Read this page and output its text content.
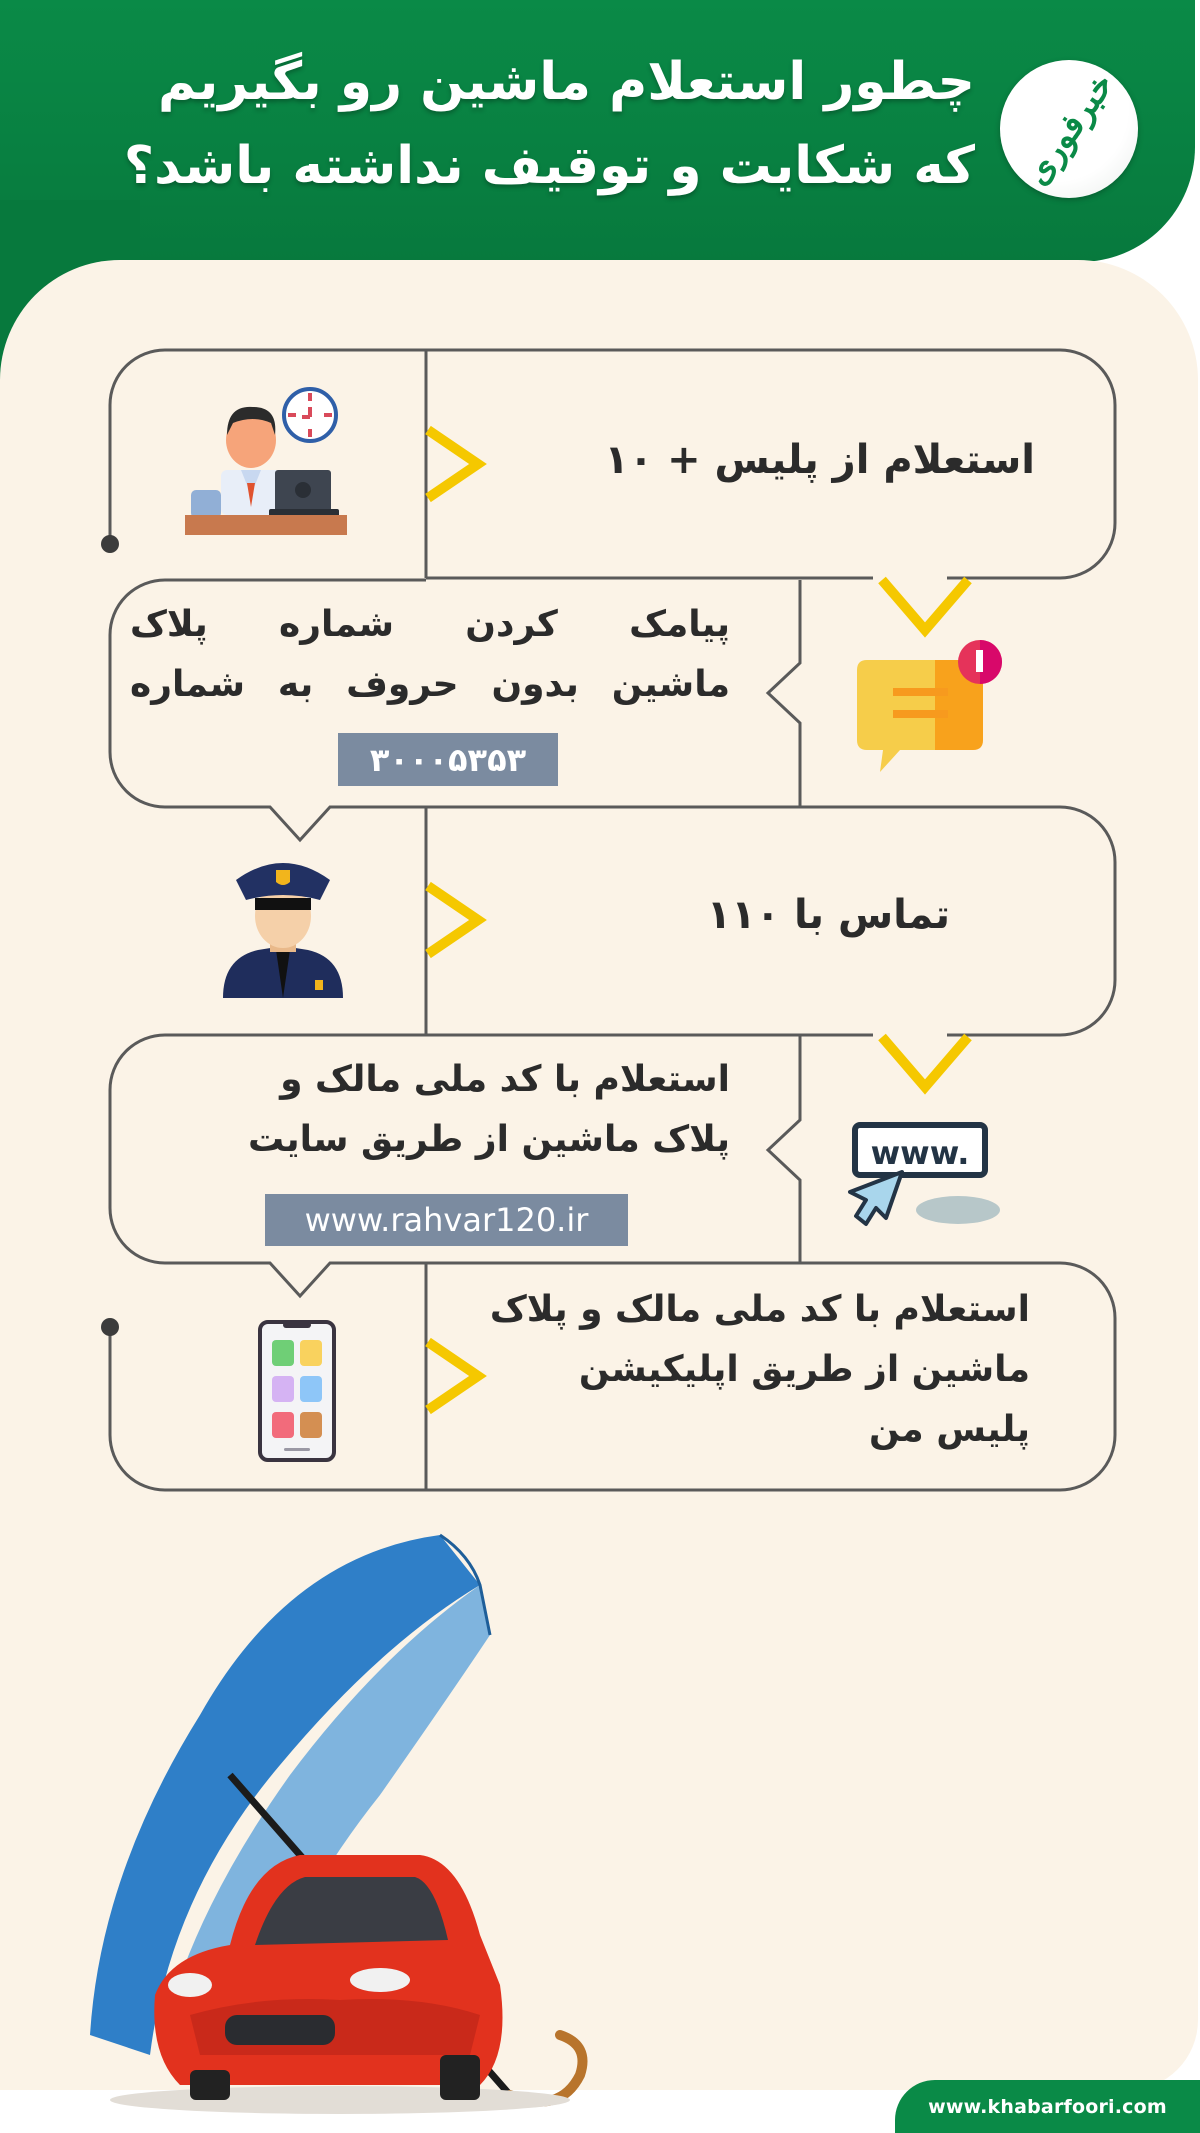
چطور استعلام ماشین رو بگیریم
که شکایت و توقیف نداشته باشد؟ خبرفوری
استعلام از پلیس + ۱۰
پیامک کردن شماره پلاک
ماشین بدون حروف به شماره
۳۰۰۰۵۳۵۳
تماس با ۱۱۰
استعلام با کد ملی مالک و
پلاک ماشین از طریق سایت
www.rahvar120.ir
www.
استعلام با کد ملی مالک و پلاک
ماشین از طریق اپلیکیشن
پلیس من
www.khabarfoori.com
